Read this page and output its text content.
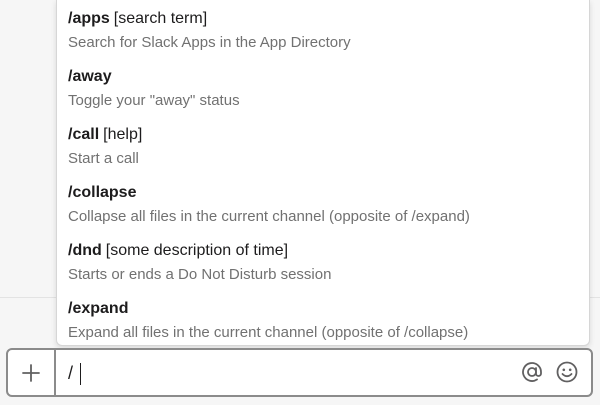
/apps [search term]
Search for Slack Apps in the App Directory
/away
Toggle your "away" status
/call [help]
Start a call
/collapse
Collapse all files in the current channel (opposite of /expand)
/dnd [some description of time]
Starts or ends a Do Not Disturb session
/expand
Expand all files in the current channel (opposite of /collapse)
/
